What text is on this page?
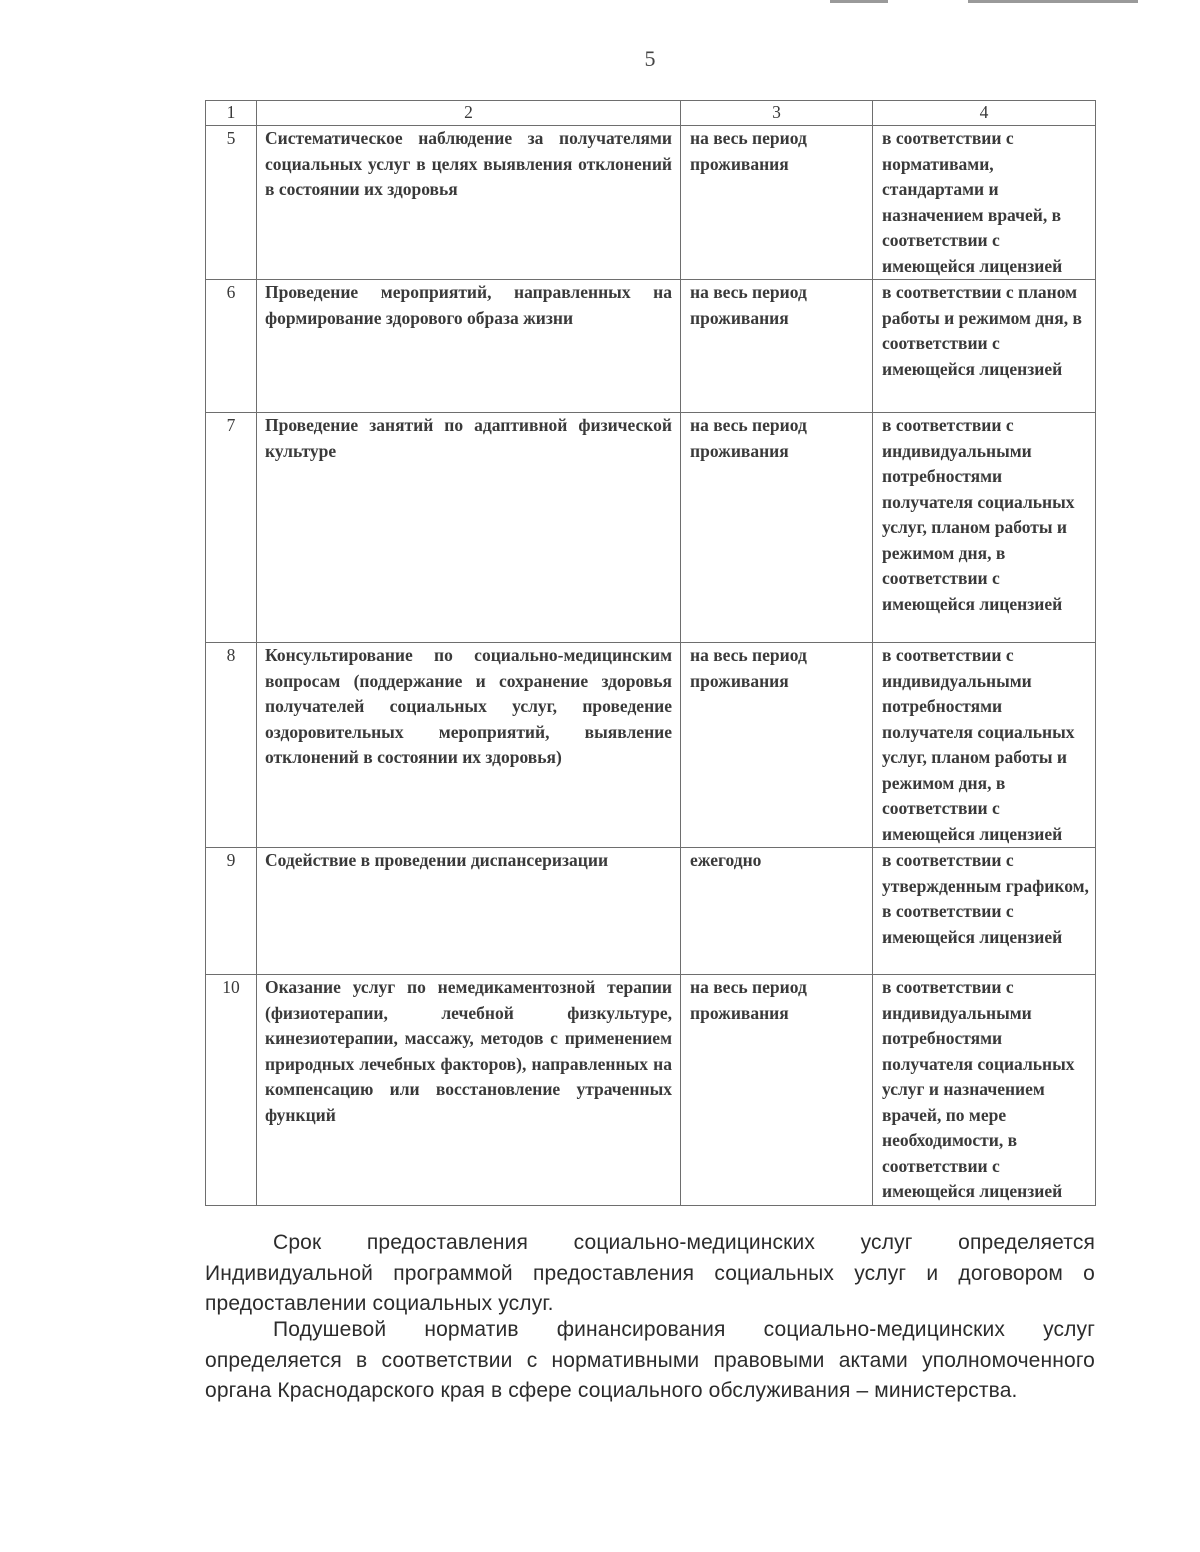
5
1	2	3	4
5	Систематическое наблюдение за получателями социальных услуг в целях выявления отклонений в состоянии их здоровья	на весь период проживания	в соответствии с нормативами, стандартами и назначением врачей, в соответствии с имеющейся лицензией
6	Проведение мероприятий, направленных на формирование здорового образа жизни	на весь период проживания	в соответствии с планом работы и режимом дня, в соответствии с имеющейся лицензией
7	Проведение занятий по адаптивной физической культуре	на весь период проживания	в соответствии с индивидуальными потребностями получателя социальных услуг, планом работы и режимом дня, в соответствии с имеющейся лицензией
8	Консультирование по социально-медицинским вопросам (поддержание и сохранение здоровья получателей социальных услуг, проведение оздоровительных мероприятий, выявление отклонений в состоянии их здоровья)	на весь период проживания	в соответствии с индивидуальными потребностями получателя социальных услуг, планом работы и режимом дня, в соответствии с имеющейся лицензией
9	Содействие в проведении диспансеризации	ежегодно	в соответствии с утвержденным графиком, в соответствии с имеющейся лицензией
10	Оказание услуг по немедикаментозной терапии (физиотерапии, лечебной физкультуре, кинезиотерапии, массажу, методов с применением природных лечебных факторов), направленных на компенсацию или восстановление утраченных функций	на весь период проживания	в соответствии с индивидуальными потребностями получателя социальных услуг и назначением врачей, по мере необходимости, в соответствии с имеющейся лицензией

Срок предоставления социально-медицинских услуг определяется Индивидуальной программой предоставления социальных услуг и договором о предоставлении социальных услуг.

Подушевой норматив финансирования социально-медицинских услуг определяется в соответствии с нормативными правовыми актами уполномоченного органа Краснодарского края в сфере социального обслуживания – министерства.
